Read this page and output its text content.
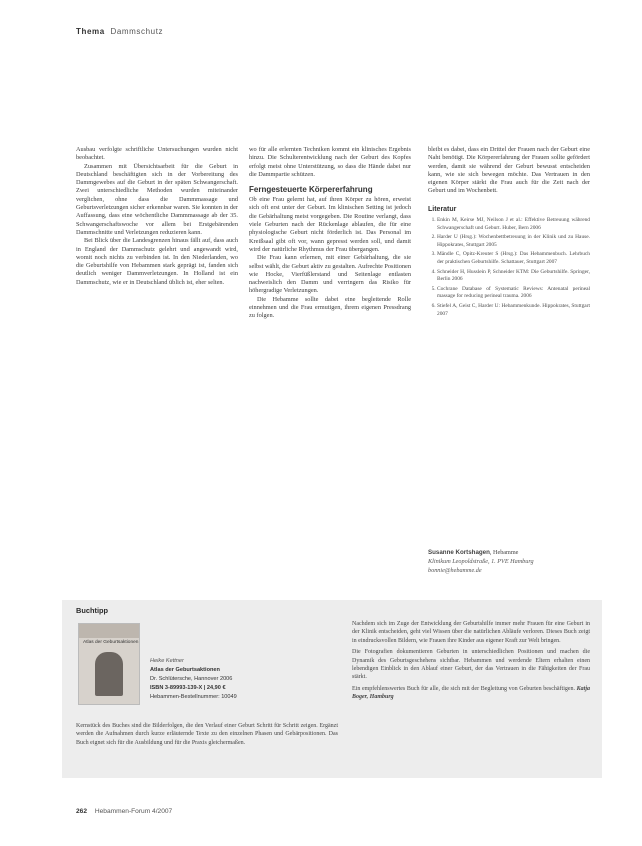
Thema Dammschutz

Ausbau verfolgte schriftliche Untersuchungen wurden nicht beobachtet.

Zusammen mit Übersichtsarbeit für die Geburt in Deutschland beschäftigten sich in der Vorbereitung des Dammgewebes auf die Geburt in der späten Schwangerschaft. Zwei unterschiedliche Methoden wurden miteinander verglichen, ohne dass die Dammmassage und Geburtsverletzungen sicher erkennbar waren. Sie konnten in der Auffassung, dass eine wöchentliche Dammmassage ab der 35. Schwangerschaftswoche vor allem bei Erstgebärenden Dammschnitte und Verletzungen reduzieren kann.

Bei Blick über die Landesgrenzen hinaus fällt auf, dass auch in England der Dammschutz gelehrt und angewandt wird, womit noch nichts zu verbinden ist. In den Niederlanden, wo die Geburtshilfe von Hebammen stark geprägt ist, fanden sich deutlich weniger Dammverletzungen. In Holland ist ein Dammschutz, wie er in Deutschland üblich ist, eher selten.

wo für alle erlernten Techniken kommt ein klinisches Ergebnis hinzu. Die Schulterentwicklung nach der Geburt des Kopfes erfolgt meist ohne Unterstützung, so dass die Hände dabei nur die Dammpartie schützen.

Ferngesteuerte Körpererfahrung

Ob eine Frau gelernt hat, auf ihren Körper zu hören, erweist sich oft erst unter der Geburt. Im klinischen Setting ist jedoch die Gebärhaltung meist vorgegeben. Die Routine verlangt, dass viele Geburten nach der Rückenlage ablaufen, die für eine physiologische Geburt nicht förderlich ist. Das Personal im Kreißsaal gibt oft vor, wann gepresst werden soll, und damit wird der natürliche Rhythmus der Frau übergangen.

Die Frau kann erlernen, mit einer Gebärhaltung, die sie selbst wählt, die Geburt aktiv zu gestalten. Aufrechte Positionen wie Hocke, Vierfüßlerstand und Seitenlage entlasten nachweislich den Damm und verringern das Risiko für höhergradige Verletzungen.

Die Hebamme sollte dabei eine begleitende Rolle einnehmen und die Frau ermutigen, ihrem eigenen Pressdrang zu folgen.

bleibt es dabei, dass ein Drittel der Frauen nach der Geburt eine Naht benötigt. Die Körpererfahrung der Frauen sollte gefördert werden, damit sie während der Geburt bewusst entscheiden kann, wie sie sich bewegen möchte. Das Vertrauen in den eigenen Körper stärkt die Frau auch für die Zeit nach der Geburt und im Wochenbett.

Literatur
1. Enkin M, Keirse MJ, Neilson J et al.: Effektive Betreuung während Schwangerschaft und Geburt. Huber, Bern 2006
2. Harder U (Hrsg.): Wochenbettbetreuung in der Klinik und zu Hause. Hippokrates, Stuttgart 2005
3. Mändle C, Opitz-Kreuter S (Hrsg.): Das Hebammenbuch. Lehrbuch der praktischen Geburtshilfe. Schattauer, Stuttgart 2007
4. Schneider H, Husslein P, Schneider KTM: Die Geburtshilfe. Springer, Berlin 2006
5. Cochrane Database of Systematic Reviews: Antenatal perineal massage for reducing perineal trauma. 2006
6. Stiefel A, Geist C, Harder U: Hebammenkunde. Hippokrates, Stuttgart 2007
Susanne Kortshagen, Hebamme
Klinikum Leopoldstraße, 1. PVE Hamburg
bonnie@hebamme.de
Buchtipp
Atlas der Geburtsaktionen
Heike Kettner
Atlas der Geburtsaktionen
Dr. Schlütersche, Hannover 2006
ISBN 3-89993-139-X | 24,90 €
Hebammen-Bestellnummer: 10049
Kernstück des Buches sind die Bilderfolgen, die den Verlauf einer Geburt Schritt für Schritt zeigen. Ergänzt werden die Aufnahmen durch kurze erläuternde Texte zu den einzelnen Phasen und Gebärpositionen. Das Buch eignet sich für die Ausbildung und für die Praxis gleichermaßen.

Nachdem sich im Zuge der Entwicklung der Geburtshilfe immer mehr Frauen für eine Geburt in der Klinik entscheiden, geht viel Wissen über die natürlichen Abläufe verloren. Dieses Buch zeigt in eindrucksvollen Bildern, wie Frauen ihre Kinder aus eigener Kraft zur Welt bringen.

Die Fotografien dokumentieren Geburten in unterschiedlichen Positionen und machen die Dynamik des Geburtsgeschehens sichtbar. Hebammen und werdende Eltern erhalten einen lebendigen Einblick in den Ablauf einer Geburt, der das Vertrauen in die Fähigkeiten der Frau stärkt.

Ein empfehlenswertes Buch für alle, die sich mit der Begleitung von Geburten beschäftigen. Katja Boger, Hamburg

262 Hebammen-Forum 4/2007
